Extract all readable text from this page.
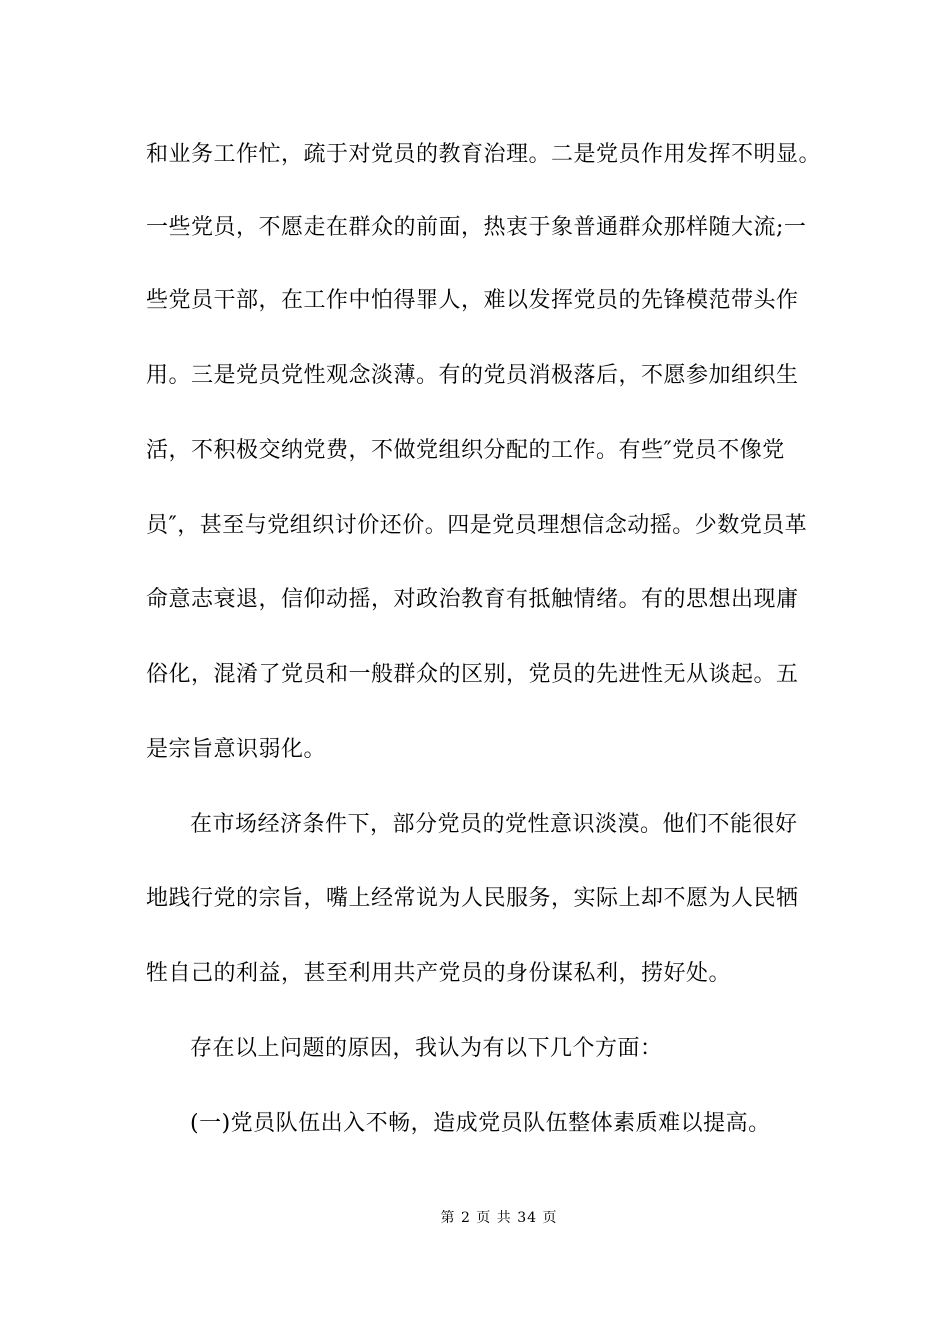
和业务工作忙，疏于对党员的教育治理。二是党员作用发挥不明显。
一些党员，不愿走在群众的前面，热衷于象普通群众那样随大流;一
些党员干部，在工作中怕得罪人，难以发挥党员的先锋模范带头作
用。三是党员党性观念淡薄。有的党员消极落后，不愿参加组织生
活，不积极交纳党费，不做党组织分配的工作。有些″党员不像党
员″，甚至与党组织讨价还价。四是党员理想信念动摇。少数党员革
命意志衰退，信仰动摇，对政治教育有抵触情绪。有的思想出现庸
俗化，混淆了党员和一般群众的区别，党员的先进性无从谈起。五
是宗旨意识弱化。
在市场经济条件下，部分党员的党性意识淡漠。他们不能很好
地践行党的宗旨，嘴上经常说为人民服务，实际上却不愿为人民牺
牲自己的利益，甚至利用共产党员的身份谋私利，捞好处。
存在以上问题的原因，我认为有以下几个方面：
(一)党员队伍出入不畅，造成党员队伍整体素质难以提高。
第 2 页 共 34 页
